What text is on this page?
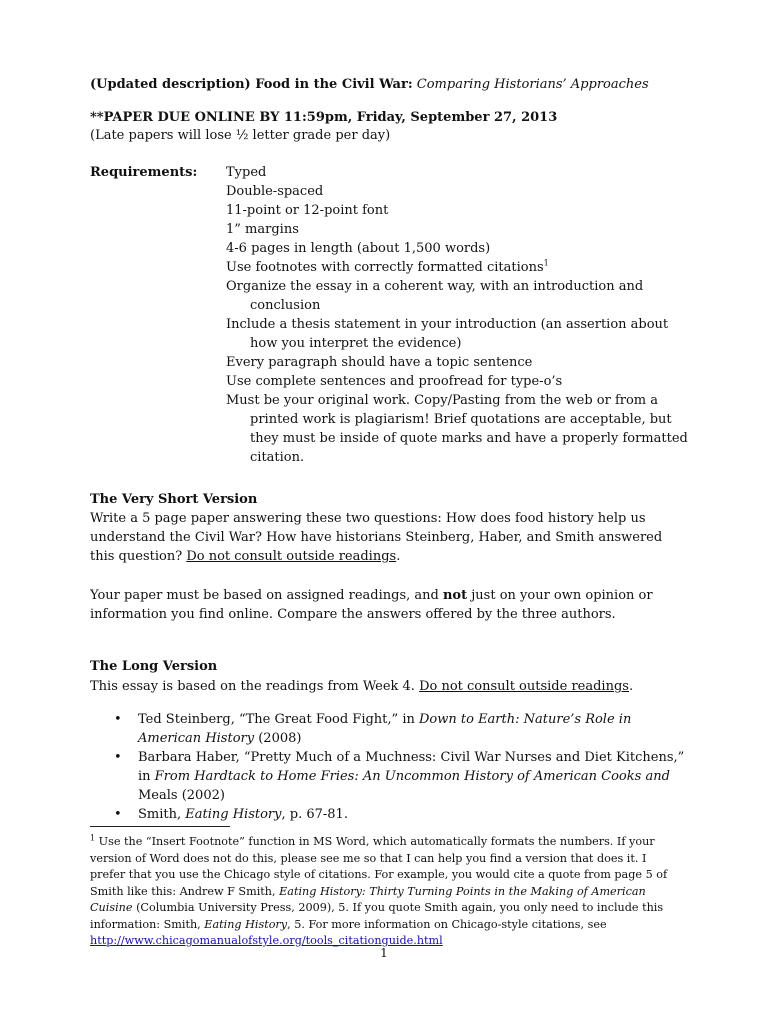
(Updated description) Food in the Civil War: Comparing Historians’ Approaches
**PAPER DUE ONLINE BY 11:59pm, Friday, September 27, 2013
(Late papers will lose ½ letter grade per day)
Requirements: Typed
Double-spaced
11-point or 12-point font
1” margins
4-6 pages in length (about 1,500 words)
Use footnotes with correctly formatted citations$^1$
Organize the essay in a coherent way, with an introduction and conclusion
Include a thesis statement in your introduction (an assertion about how you interpret the evidence)
Every paragraph should have a topic sentence
Use complete sentences and proofread for type-o’s
Must be your original work. Copy/Pasting from the web or from a printed work is plagiarism! Brief quotations are acceptable, but they must be inside of quote marks and have a properly formatted citation.
The Very Short Version
Write a 5 page paper answering these two questions: How does food history help us understand the Civil War? How have historians Steinberg, Haber, and Smith answered this question? Do not consult outside readings.
Your paper must be based on assigned readings, and not just on your own opinion or information you find online. Compare the answers offered by the three authors.
The Long Version
This essay is based on the readings from Week 4. Do not consult outside readings.
• Ted Steinberg, “The Great Food Fight,” in Down to Earth: Nature’s Role in American History (2008)
• Barbara Haber, “Pretty Much of a Muchness: Civil War Nurses and Diet Kitchens,” in From Hardtack to Home Fries: An Uncommon History of American Cooks and Meals (2002)
• Smith, Eating History, p. 67-81.
$^1$ Use the “Insert Footnote” function in MS Word, which automatically formats the numbers. If your version of Word does not do this, please see me so that I can help you find a version that does it. I prefer that you use the Chicago style of citations. For example, you would cite a quote from page 5 of Smith like this: Andrew F Smith, Eating History: Thirty Turning Points in the Making of American Cuisine (Columbia University Press, 2009), 5. If you quote Smith again, you only need to include this information: Smith, Eating History, 5. For more information on Chicago-style citations, see http://www.chicagomanualofstyle.org/tools_citationguide.html
1
